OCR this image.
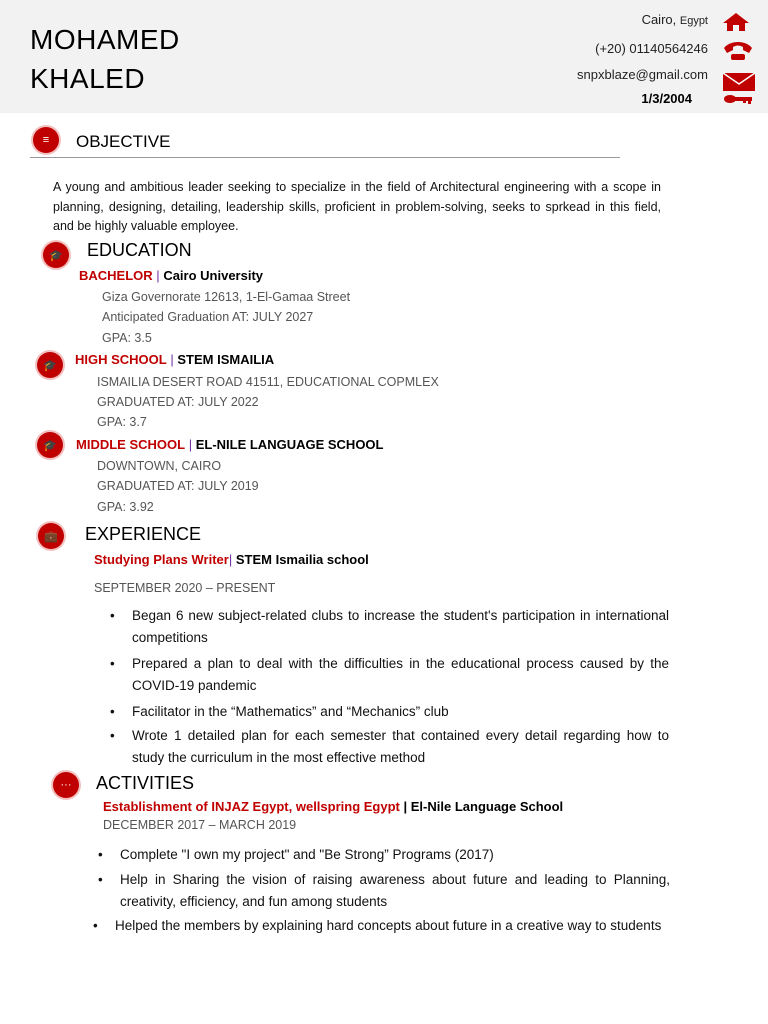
MOHAMED
KHALED
Cairo, Egypt
(+20) 01140564246
snpxblaze@gmail.com
1/3/2004
≡	OBJECTIVE
A young and ambitious leader seeking to specialize in the field of Architectural engineering with a scope in planning, designing, detailing, leadership skills, proficient in problem-solving, seeks to sprkead in this field, and be highly valuable employee.
🎓	EDUCATION
BACHELOR | Cairo University
Giza Governorate 12613, 1-El-Gamaa Street
Anticipated Graduation AT: JULY 2027
GPA: 3.5
🎓	HIGH SCHOOL | STEM ISMAILIA
ISMAILIA DESERT ROAD 41511, EDUCATIONAL COPMLEX
GRADUATED AT: JULY 2022
GPA: 3.7
🎓	MIDDLE SCHOOL | EL-NILE LANGUAGE SCHOOL
DOWNTOWN, CAIRO
GRADUATED AT: JULY 2019
GPA: 3.92
💼	EXPERIENCE
Studying Plans Writer| STEM Ismailia school
SEPTEMBER 2020 – PRESENT
• Began 6 new subject-related clubs to increase the student's participation in international competitions
• Prepared a plan to deal with the difficulties in the educational process caused by the COVID-19 pandemic
• Facilitator in the “Mathematics” and “Mechanics” club
• Wrote 1 detailed plan for each semester that contained every detail regarding how to study the curriculum in the most effective method
···	ACTIVITIES
Establishment of INJAZ Egypt, wellspring Egypt | El-Nile Language School
DECEMBER 2017 – MARCH 2019
• Complete "I own my project" and "Be Strong” Programs (2017)
• Help in Sharing the vision of raising awareness about future and leading to Planning, creativity, efficiency, and fun among students
• Helped the members by explaining hard concepts about future in a creative way to students
